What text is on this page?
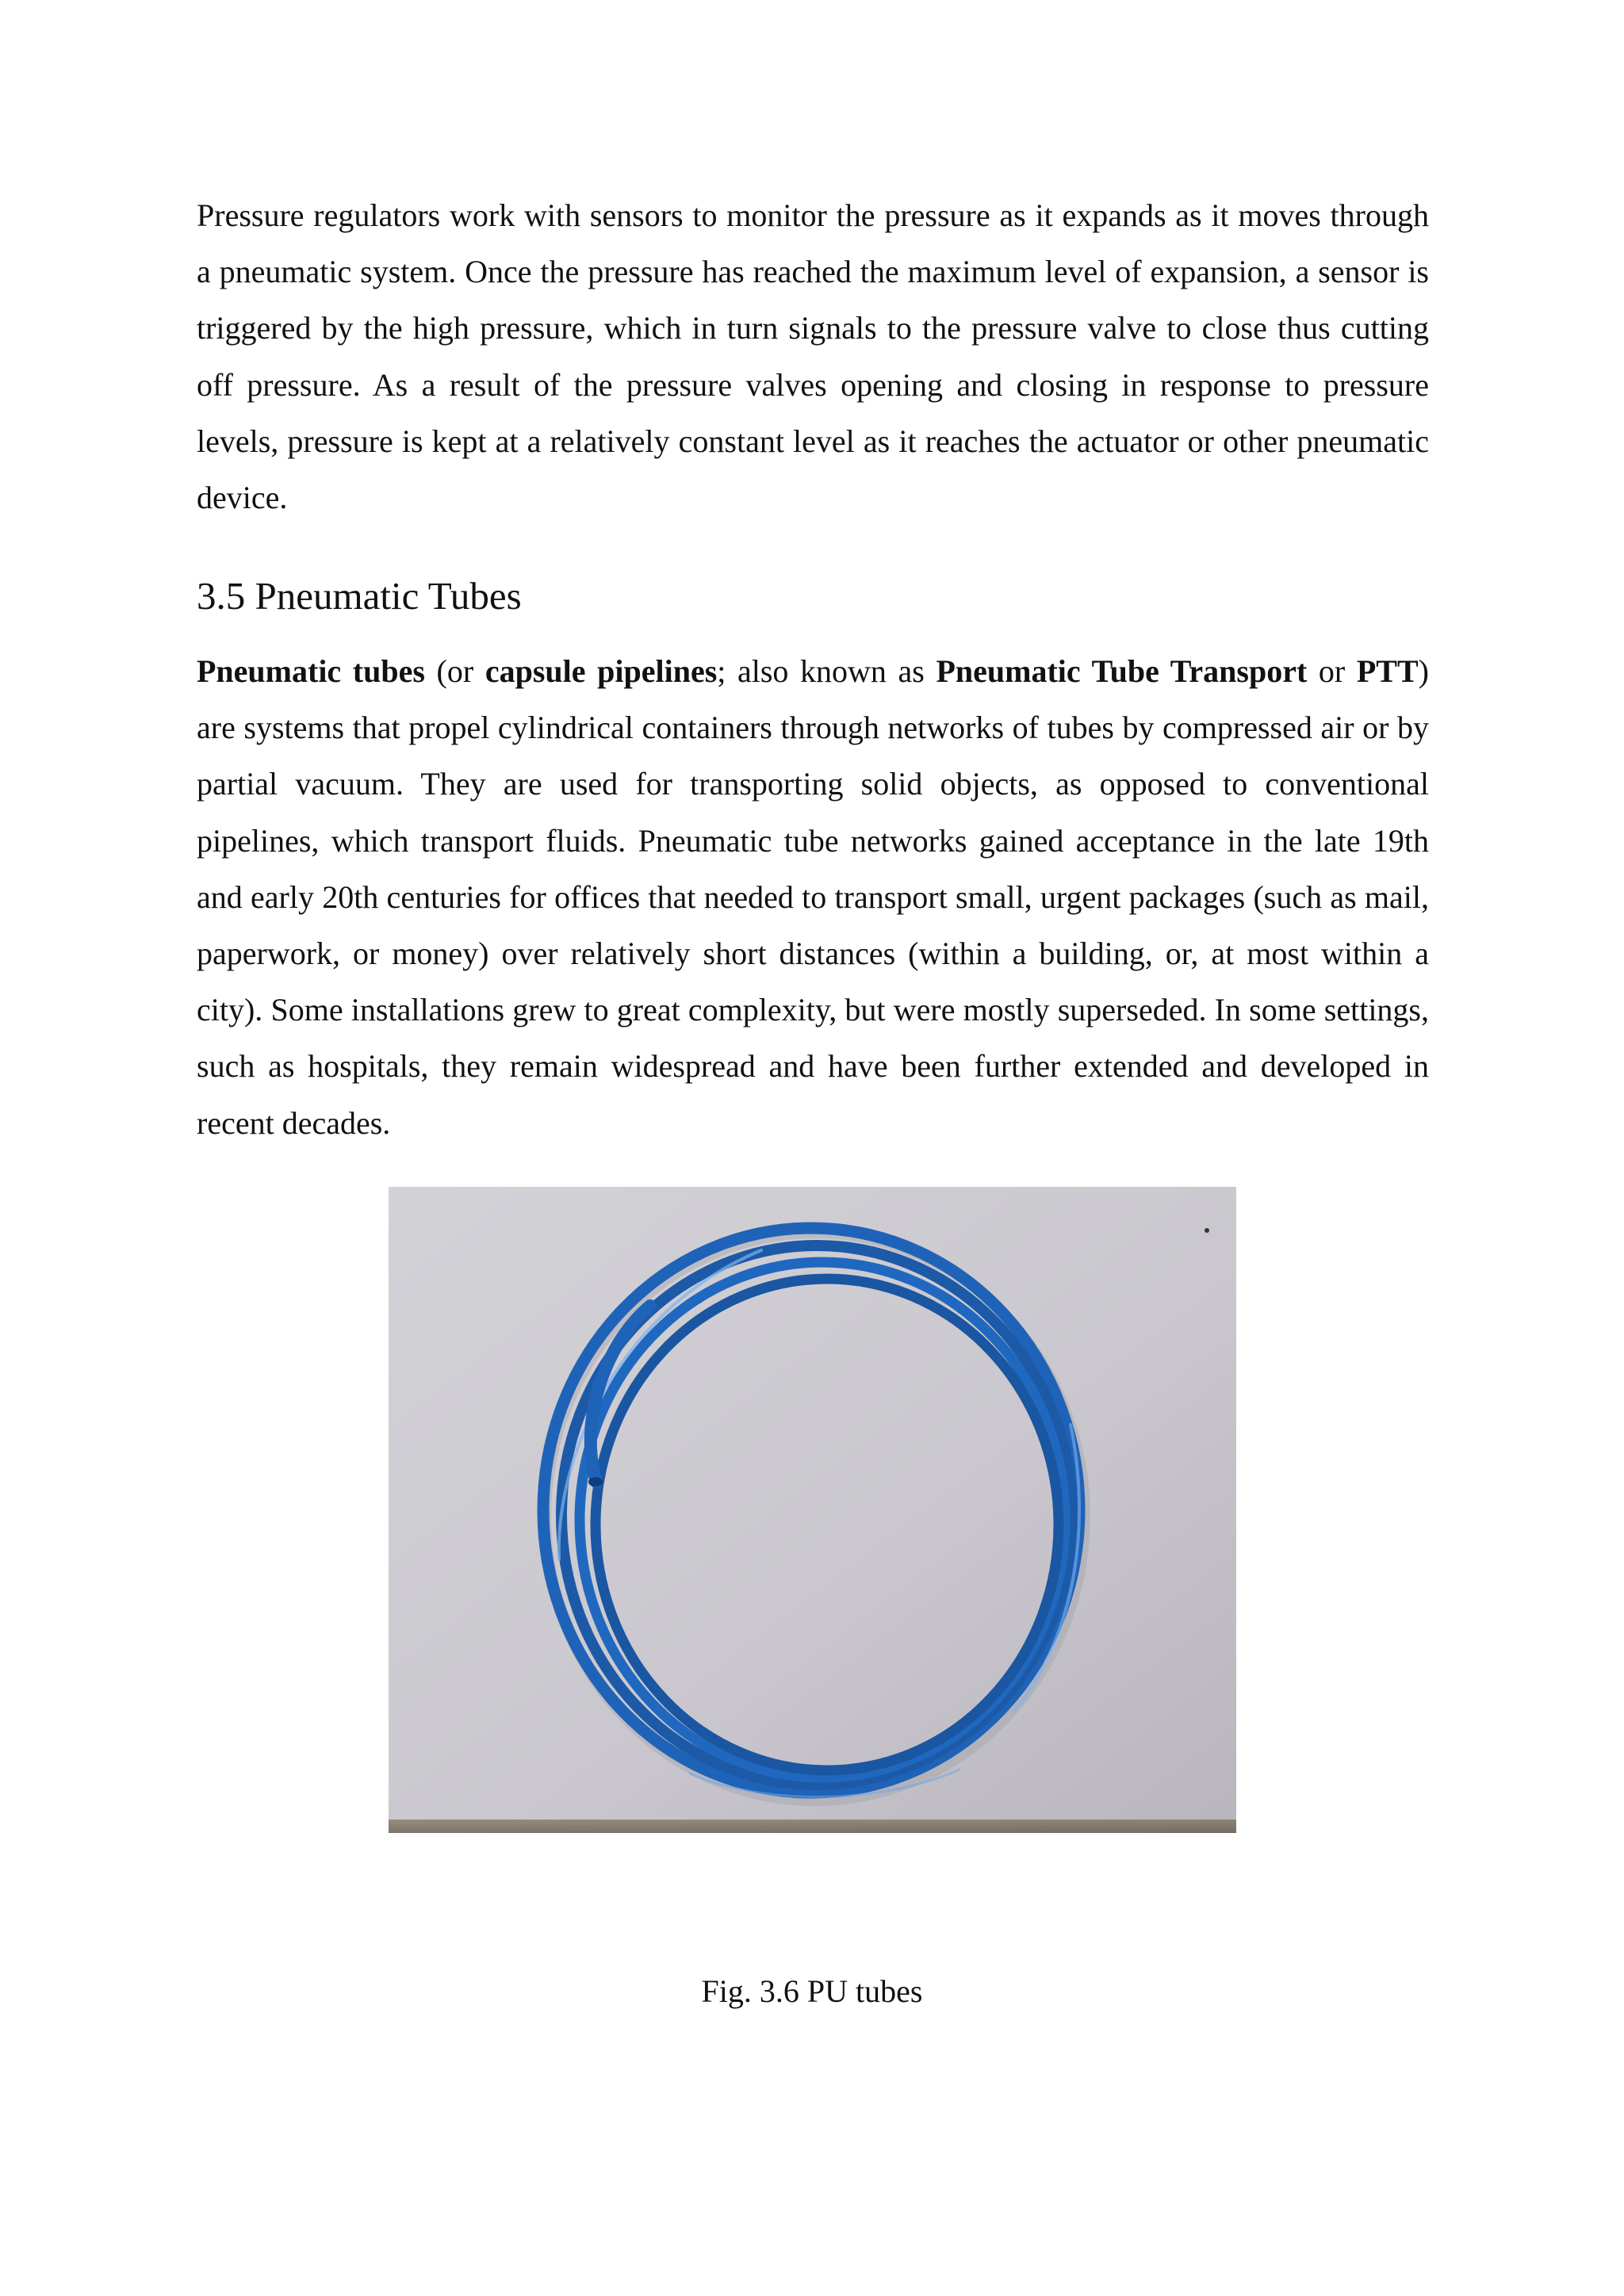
Pressure regulators work with sensors to monitor the pressure as it expands as it moves through a pneumatic system. Once the pressure has reached the maximum level of expansion, a sensor is triggered by the high pressure, which in turn signals to the pressure valve to close thus cutting off pressure. As a result of the pressure valves opening and closing in response to pressure levels, pressure is kept at a relatively constant level as it reaches the actuator or other pneumatic device.

3.5 Pneumatic Tubes

Pneumatic tubes (or capsule pipelines; also known as Pneumatic Tube Transport or PTT) are systems that propel cylindrical containers through networks of tubes by compressed air or by partial vacuum. They are used for transporting solid objects, as opposed to conventional pipelines, which transport fluids. Pneumatic tube networks gained acceptance in the late 19th and early 20th centuries for offices that needed to transport small, urgent packages (such as mail, paperwork, or money) over relatively short distances (within a building, or, at most within a city). Some installations grew to great complexity, but were mostly superseded. In some settings, such as hospitals, they remain widespread and have been further extended and developed in recent decades.

Fig. 3.6 PU tubes
